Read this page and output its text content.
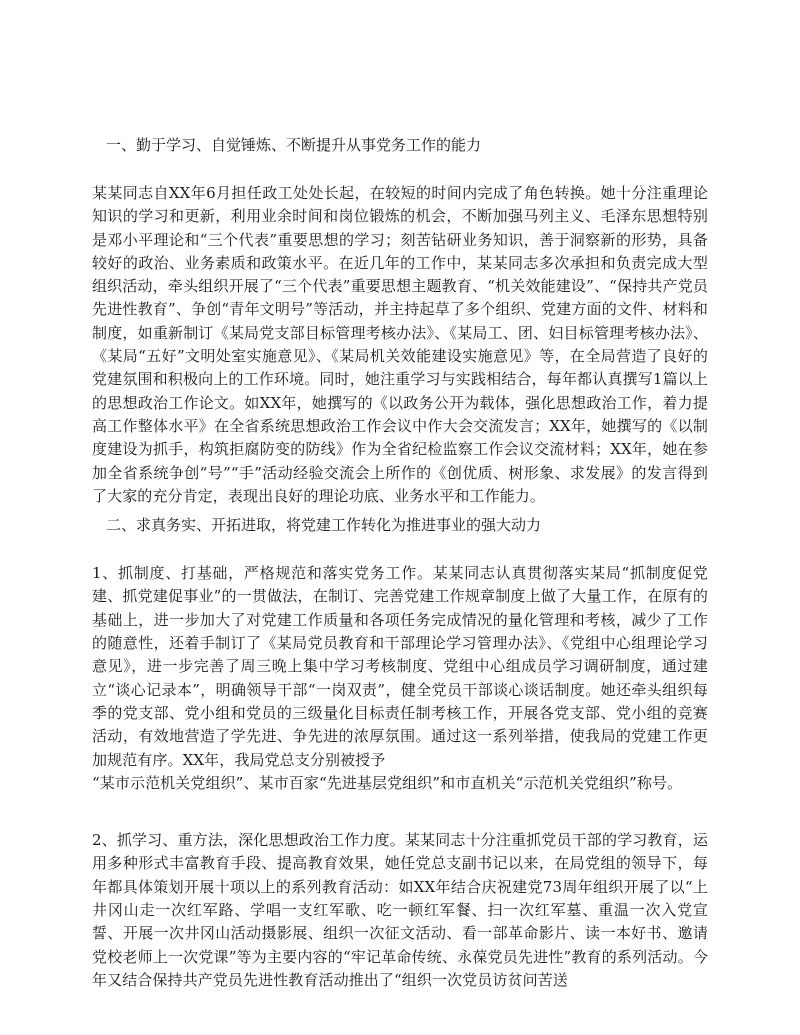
一、勤于学习、自觉锤炼、不断提升从事党务工作的能力

某某同志自XX年6月担任政工处处长起，在较短的时间内完成了角色转换。她十分注重理论知识的学习和更新，利用业余时间和岗位锻炼的机会，不断加强马列主义、毛泽东思想特别是邓小平理论和“三个代表”重要思想的学习；刻苦钻研业务知识，善于洞察新的形势，具备较好的政治、业务素质和政策水平。在近几年的工作中，某某同志多次承担和负责完成大型组织活动，牵头组织开展了“三个代表”重要思想主题教育、“机关效能建设”、“保持共产党员先进性教育”、争创“青年文明号”等活动，并主持起草了多个组织、党建方面的文件、材料和制度，如重新制订《某局党支部目标管理考核办法》、《某局工、团、妇目标管理考核办法》、《某局“五好”文明处室实施意见》、《某局机关效能建设实施意见》等，在全局营造了良好的党建氛围和积极向上的工作环境。同时，她注重学习与实践相结合，每年都认真撰写1篇以上的思想政治工作论文。如XX年，她撰写的《以政务公开为载体，强化思想政治工作，着力提高工作整体水平》在全省系统思想政治工作会议中作大会交流发言；XX年，她撰写的《以制度建设为抓手，构筑拒腐防变的防线》作为全省纪检监察工作会议交流材料；XX年，她在参加全省系统争创“号”“手”活动经验交流会上所作的《创优质、树形象、求发展》的发言得到了大家的充分肯定，表现出良好的理论功底、业务水平和工作能力。

二、求真务实、开拓进取，将党建工作转化为推进事业的强大动力

1、抓制度、打基础，严格规范和落实党务工作。某某同志认真贯彻落实某局“抓制度促党建、抓党建促事业”的一贯做法，在制订、完善党建工作规章制度上做了大量工作，在原有的基础上，进一步加大了对党建工作质量和各项任务完成情况的量化管理和考核，减少了工作的随意性，还着手制订了《某局党员教育和干部理论学习管理办法》、《党组中心组理论学习意见》，进一步完善了周三晚上集中学习考核制度、党组中心组成员学习调研制度，通过建立“谈心记录本”，明确领导干部“一岗双责”，健全党员干部谈心谈话制度。她还牵头组织每季的党支部、党小组和党员的三级量化目标责任制考核工作，开展各党支部、党小组的竞赛活动，有效地营造了学先进、争先进的浓厚氛围。通过这一系列举措，使我局的党建工作更加规范有序。XX年，我局党总支分别被授予

“某市示范机关党组织”、某市百家“先进基层党组织”和市直机关“示范机关党组织”称号。

2、抓学习、重方法，深化思想政治工作力度。某某同志十分注重抓党员干部的学习教育，运用多种形式丰富教育手段、提高教育效果，她任党总支副书记以来，在局党组的领导下，每年都具体策划开展十项以上的系列教育活动：如XX年结合庆祝建党73周年组织开展了以“上井冈山走一次红军路、学唱一支红军歌、吃一顿红军餐、扫一次红军墓、重温一次入党宣誓、开展一次井冈山活动摄影展、组织一次征文活动、看一部革命影片、读一本好书、邀请党校老师上一次党课”等为主要内容的“牢记革命传统、永葆党员先进性”教育的系列活动。今年又结合保持共产党员先进性教育活动推出了“组织一次党员访贫问苦送
